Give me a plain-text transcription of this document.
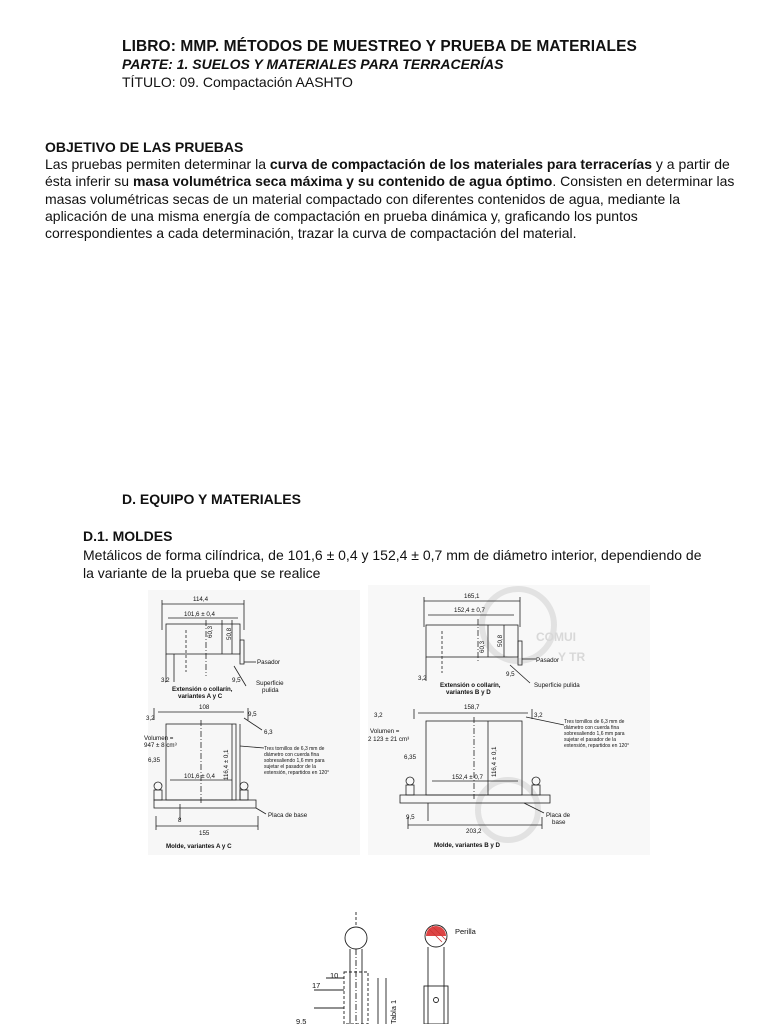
LIBRO: MMP. MÉTODOS DE MUESTREO Y PRUEBA DE MATERIALES
PARTE: 1. SUELOS Y MATERIALES PARA TERRACERÍAS
TÍTULO: 09. Compactación AASHTO
OBJETIVO DE LAS PRUEBAS
Las pruebas permiten determinar la curva de compactación de los materiales para terracerías y a partir de ésta inferir su masa volumétrica seca máxima y su contenido de agua óptimo. Consisten en determinar las masas volumétricas secas de un material compactado con diferentes contenidos de agua, mediante la aplicación de una misma energía de compactación en prueba dinámica y, graficando los puntos correspondientes a cada determinación, trazar la curva de compactación del material.
D. EQUIPO Y MATERIALES
D.1. MOLDES
Metálicos de forma cilíndrica, de 101,6 ± 0,4 y 152,4 ± 0,7 mm de diámetro interior, dependiendo de la variante de la prueba que se realice
114,4
101,6 ± 0,4
60,3 50,8
Pasador
3,2	9,5 Superficie
pulida
Extensión o collarín,
variantes A y C
108
9,5
3,2
6,3
Volumen =
947 ± 8 cm³
6,35	116,4 ± 0,1
Tres tornillos de 6,3 mm de
diámetro con cuerda fina
sobresaliendo 1,6 mm para
sujetar el pasador de la
extensión, repartidos en 120°
101,6 ± 0,4
8
Placa de base
155
Molde, variantes A y C
COMUI
Y TR
165,1
152,4 ± 0,7
60,3 50,8
Pasador
3,2
9,5
Superficie pulida
Extensión o collarín,
variantes B y D
158,7
3,2	3,2
Volumen =
2 123 ± 21 cm³
6,35	116,4 ± 0,1
Tres tornillos de 6,3 mm de
diámetro con cuerda fina
sobresaliendo 1,6 mm para
sujetar el pasador de la
extensión, repartidos en 120°
152,4 ± 0,7
9,5	Placa de
base
203,2
Molde, variantes B y D
Perilla
17
10
9,5	Tabla 1
